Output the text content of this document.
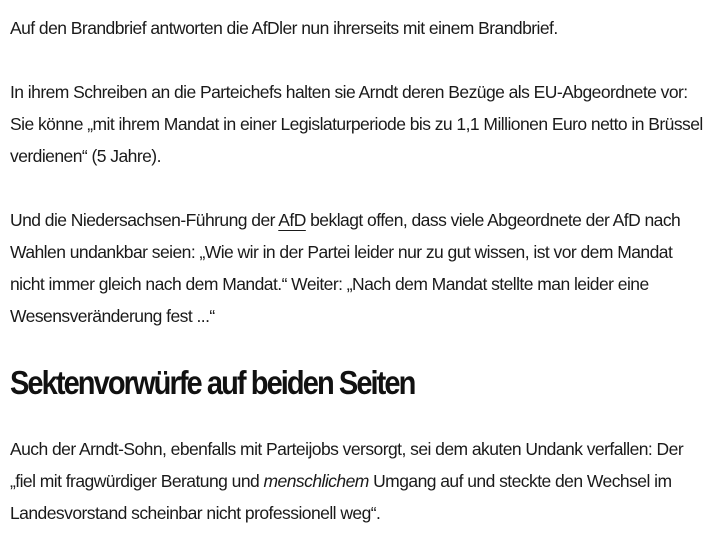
Auf den Brandbrief antworten die AfDler nun ihrerseits mit einem Brandbrief.

In ihrem Schreiben an die Parteichefs halten sie Arndt deren Bezüge als EU-Abgeordnete vor: Sie könne „mit ihrem Mandat in einer Legislaturperiode bis zu 1,1 Millionen Euro netto in Brüssel verdienen“ (5 Jahre).

Und die Niedersachsen-Führung der AfD beklagt offen, dass viele Abgeordnete der AfD nach Wahlen undankbar seien: „Wie wir in der Partei leider nur zu gut wissen, ist vor dem Mandat nicht immer gleich nach dem Mandat.“ Weiter: „Nach dem Mandat stellte man leider eine Wesensveränderung fest ...“

Sektenvorwürfe auf beiden Seiten

Auch der Arndt-Sohn, ebenfalls mit Parteijobs versorgt, sei dem akuten Undank verfallen: Der „fiel mit fragwürdiger Beratung und menschlichem Umgang auf und steckte den Wechsel im Landesvorstand scheinbar nicht professionell weg“.
